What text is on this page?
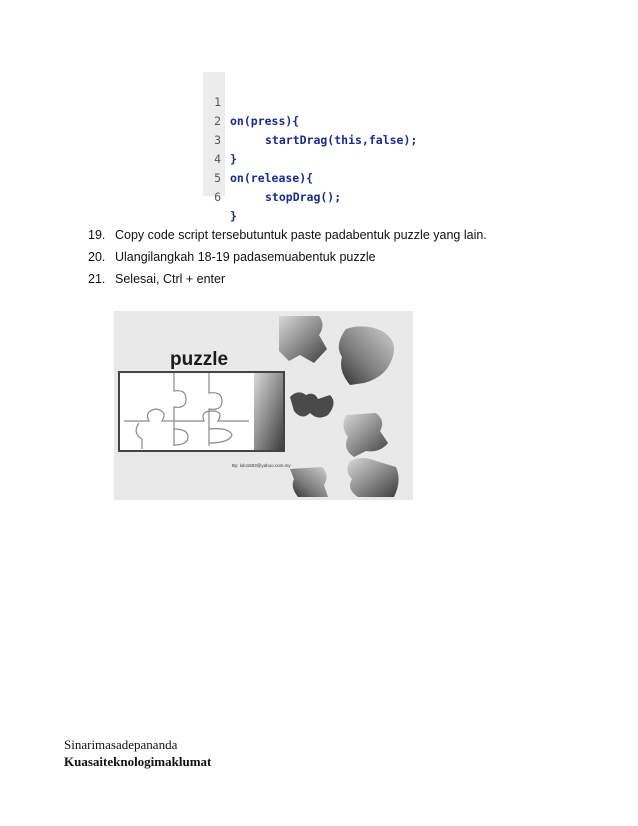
1

on(press){

2

startDrag(this,false);

3

}

4

on(release){

5

stopDrag();

6

}

19. Copy code script tersebutuntuk paste padabentuk puzzle yang lain.
20. Ulangilangkah 18-19 padasemuabentuk puzzle
21. Selesai, Ctrl + enter
puzzle
By: lolo1503@yahoo.com.my
Sinarimasadepananda
Kuasaiteknologimaklumat
